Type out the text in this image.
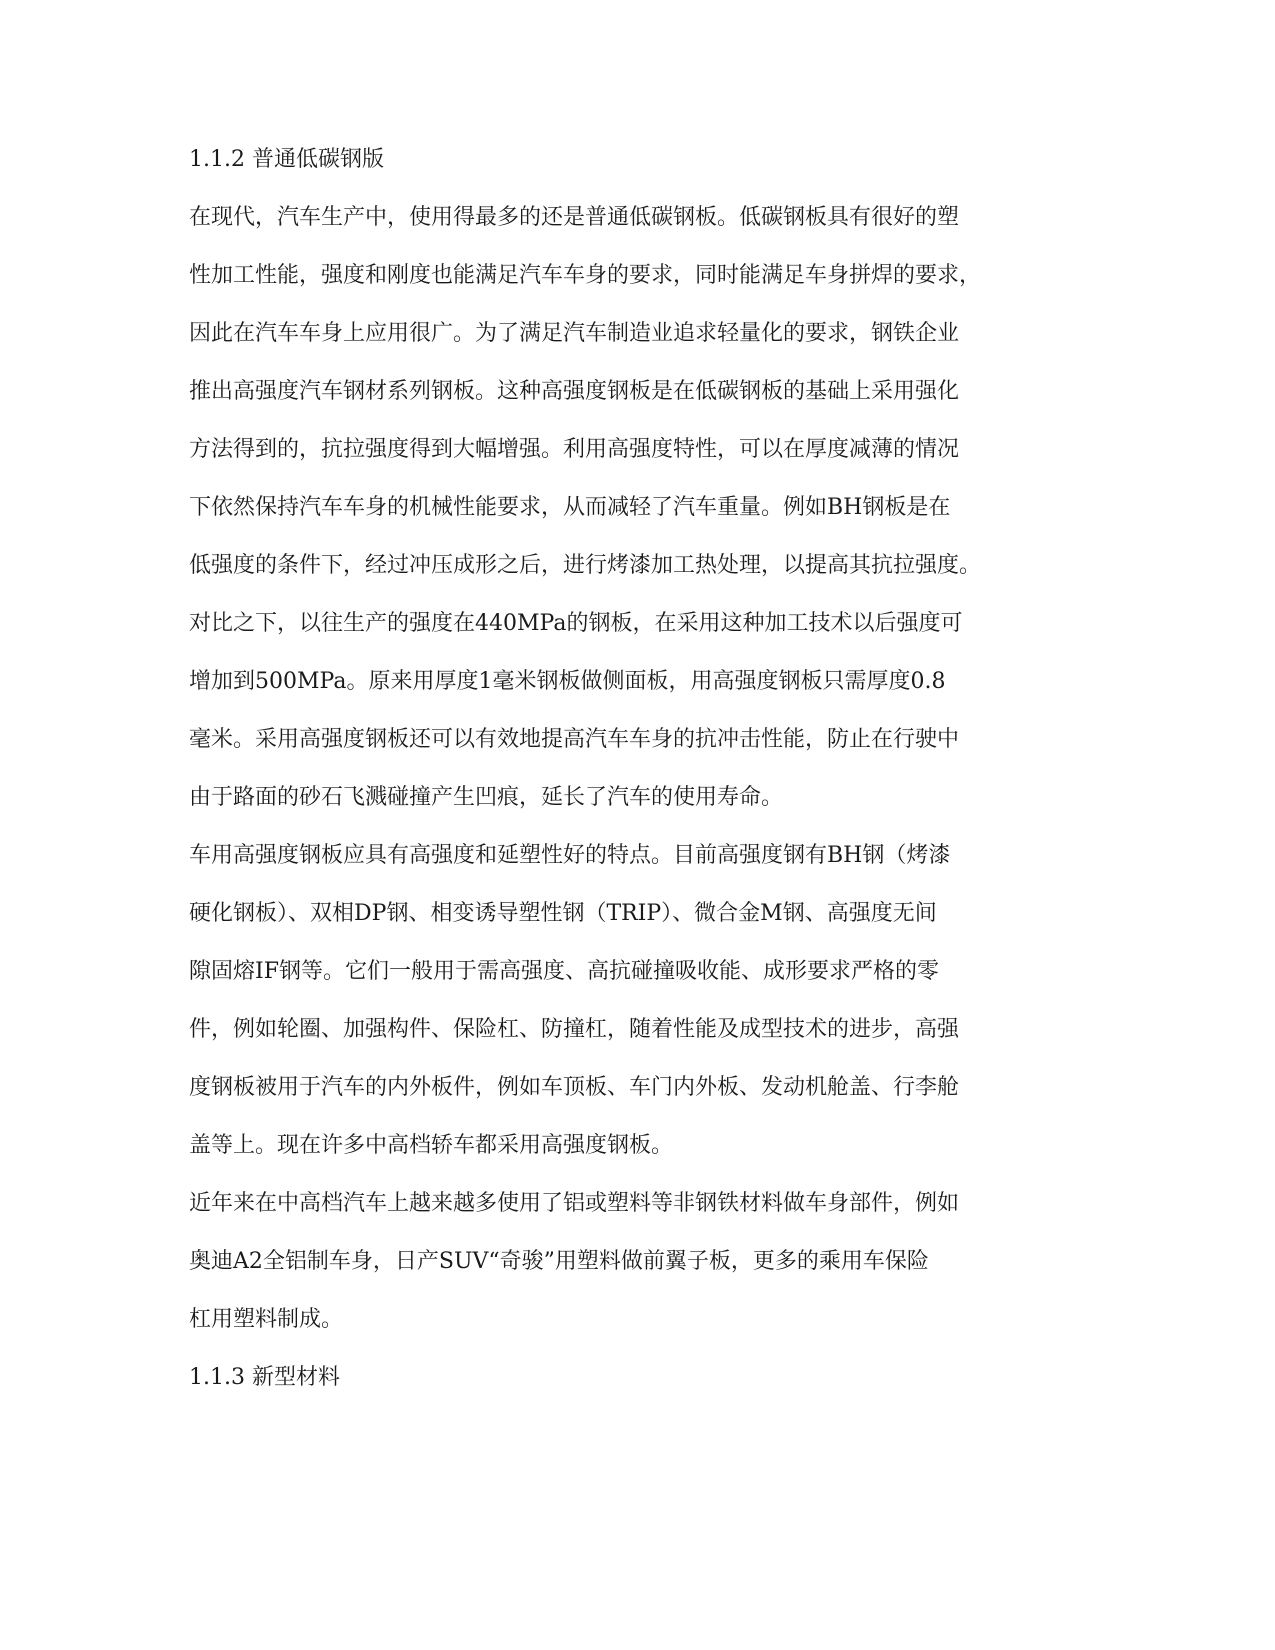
1.1.2 普通低碳钢版
在现代，汽车生产中，使用得最多的还是普通低碳钢板。低碳钢板具有很好的塑
性加工性能，强度和刚度也能满足汽车车身的要求，同时能满足车身拼焊的要求，
因此在汽车车身上应用很广。为了满足汽车制造业追求轻量化的要求，钢铁企业
推出高强度汽车钢材系列钢板。这种高强度钢板是在低碳钢板的基础上采用强化
方法得到的，抗拉强度得到大幅增强。利用高强度特性，可以在厚度减薄的情况
下依然保持汽车车身的机械性能要求，从而减轻了汽车重量。例如BH钢板是在
低强度的条件下，经过冲压成形之后，进行烤漆加工热处理，以提高其抗拉强度。
对比之下，以往生产的强度在440MPa的钢板，在采用这种加工技术以后强度可
增加到500MPa。原来用厚度1毫米钢板做侧面板，用高强度钢板只需厚度0.8
毫米。采用高强度钢板还可以有效地提高汽车车身的抗冲击性能，防止在行驶中
由于路面的砂石飞溅碰撞产生凹痕，延长了汽车的使用寿命。
车用高强度钢板应具有高强度和延塑性好的特点。目前高强度钢有BH钢（烤漆
硬化钢板）、双相DP钢、相变诱导塑性钢（TRIP）、微合金M钢、高强度无间
隙固熔IF钢等。它们一般用于需高强度、高抗碰撞吸收能、成形要求严格的零
件，例如轮圈、加强构件、保险杠、防撞杠，随着性能及成型技术的进步，高强
度钢板被用于汽车的内外板件，例如车顶板、车门内外板、发动机舱盖、行李舱
盖等上。现在许多中高档轿车都采用高强度钢板。
近年来在中高档汽车上越来越多使用了铝或塑料等非钢铁材料做车身部件，例如
奥迪A2全铝制车身，日产SUV“奇骏”用塑料做前翼子板，更多的乘用车保险
杠用塑料制成。
1.1.3 新型材料
